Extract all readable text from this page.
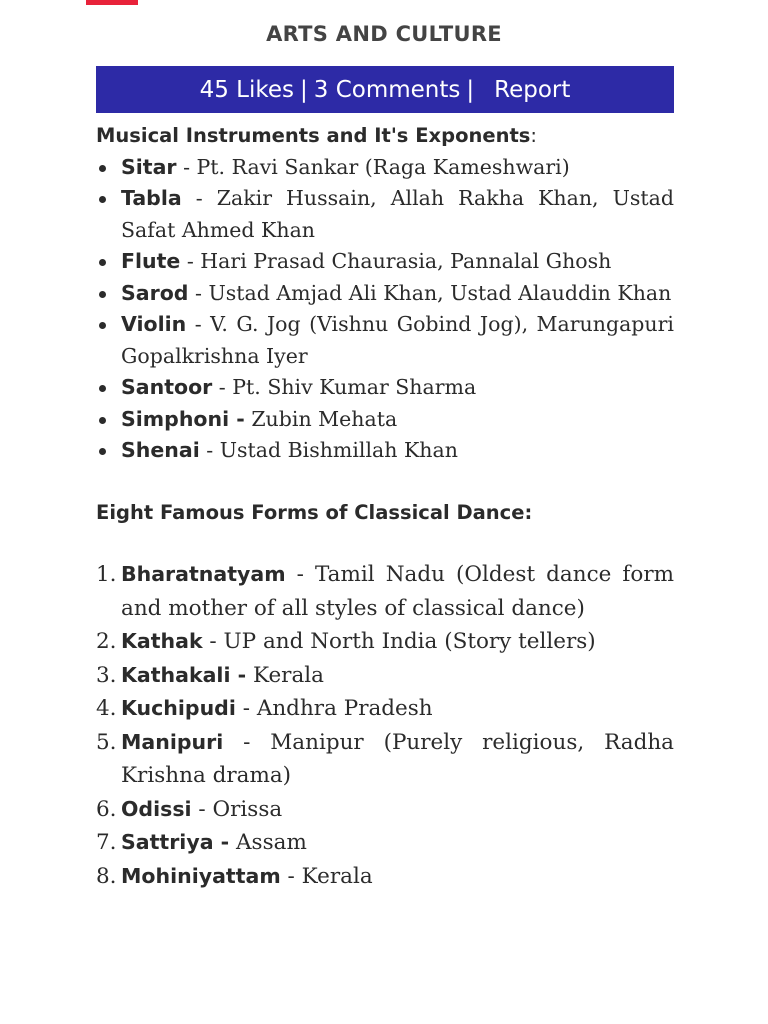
ARTS AND CULTURE
45 Likes | 3 Comments | Report

Musical Instruments and It's Exponents:

Sitar - Pt. Ravi Sankar (Raga Kameshwari)
Tabla - Zakir Hussain, Allah Rakha Khan, Ustad Safat Ahmed Khan
Flute - Hari Prasad Chaurasia, Pannalal Ghosh
Sarod - Ustad Amjad Ali Khan, Ustad Alauddin Khan
Violin - V. G. Jog (Vishnu Gobind Jog), Marungapuri Gopalkrishna Iyer
Santoor - Pt. Shiv Kumar Sharma
Simphoni - Zubin Mehata
Shenai - Ustad Bishmillah Khan

Eight Famous Forms of Classical Dance:

1. Bharatnatyam - Tamil Nadu (Oldest dance form and mother of all styles of classical dance)
2. Kathak - UP and North India (Story tellers)
3. Kathakali - Kerala
4. Kuchipudi - Andhra Pradesh
5. Manipuri - Manipur (Purely religious, Radha Krishna drama)
6. Odissi - Orissa
7. Sattriya - Assam
8. Mohiniyattam - Kerala
